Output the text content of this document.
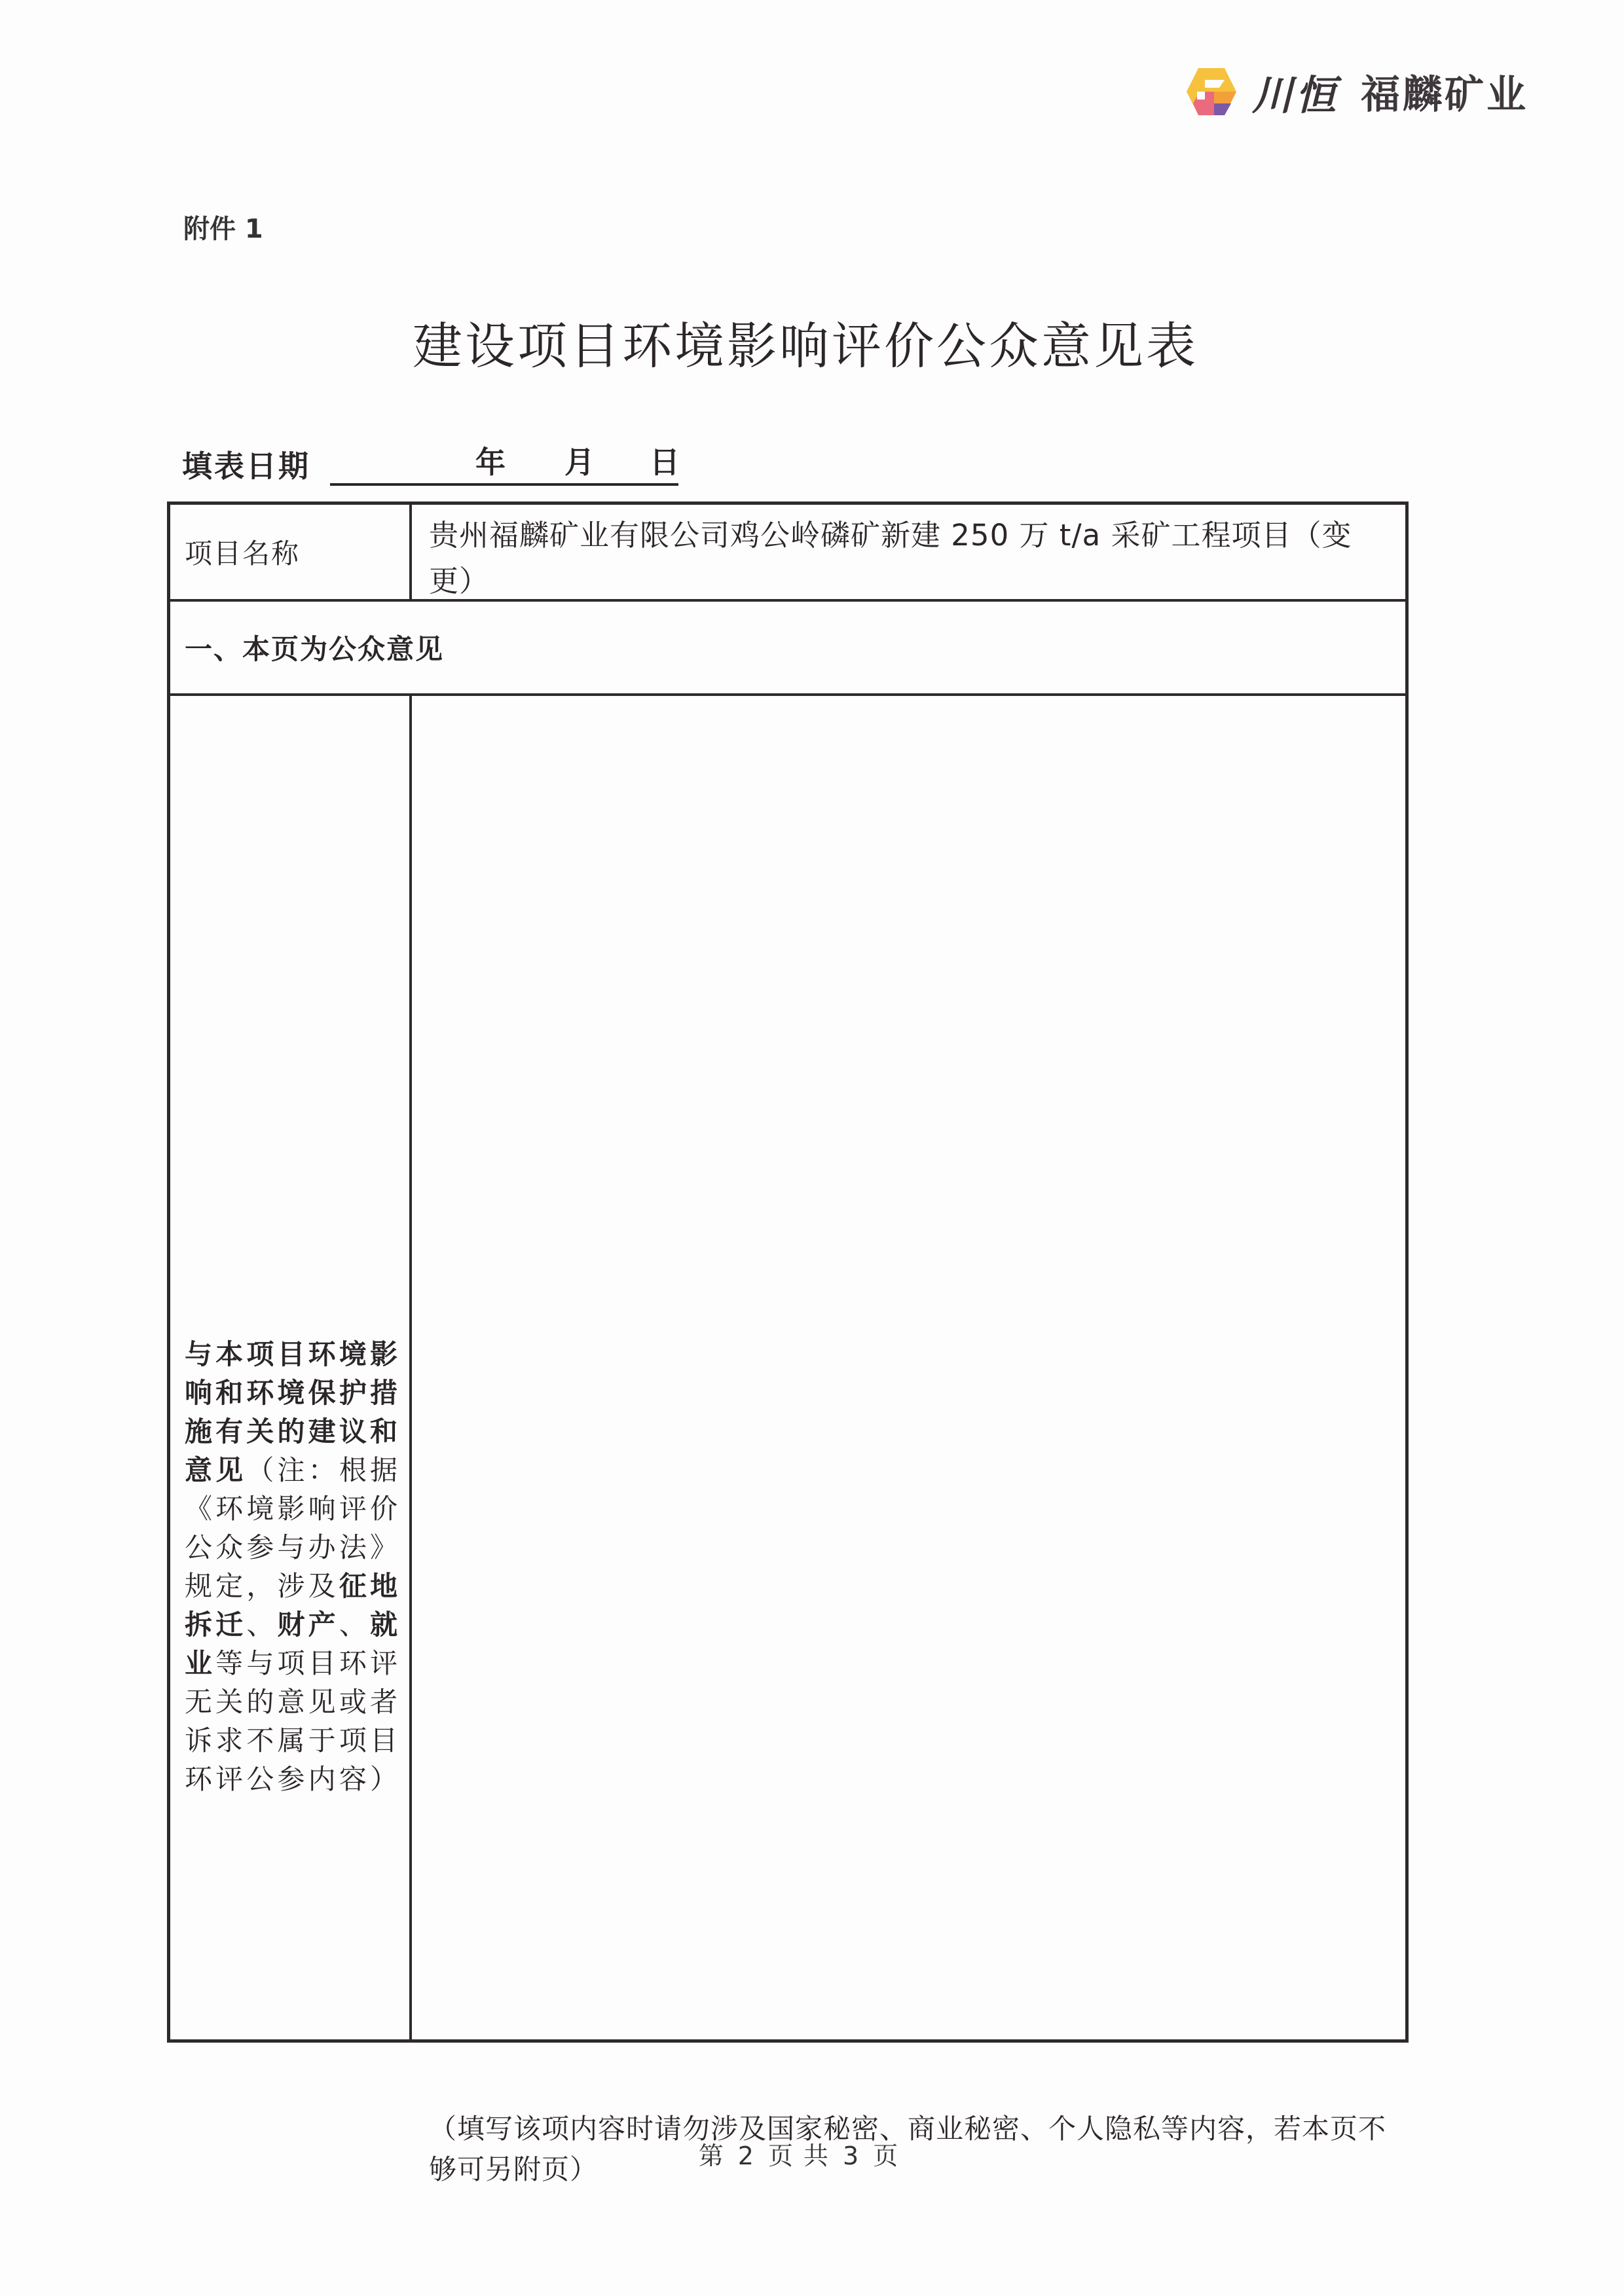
川恒 福麟矿业
附件 1
建设项目环境影响评价公众意见表
填表日期	年 月 日
项目名称
贵州福麟矿业有限公司鸡公岭磷矿新建 250 万 t/a 采矿工程项目（变更）
一、本页为公众意见
与本项目环境影
响和环境保护措
施有关的建议和
意见（注：根据
《环境影响评价
公众参与办法》
规定，涉及征地
拆迁、财产、就
业等与项目环评
无关的意见或者
诉求不属于项目
环评公参内容）
（填写该项内容时请勿涉及国家秘密、商业秘密、个人隐私等内容，若本页不够可另附页）	第 2 页 共 3 页
